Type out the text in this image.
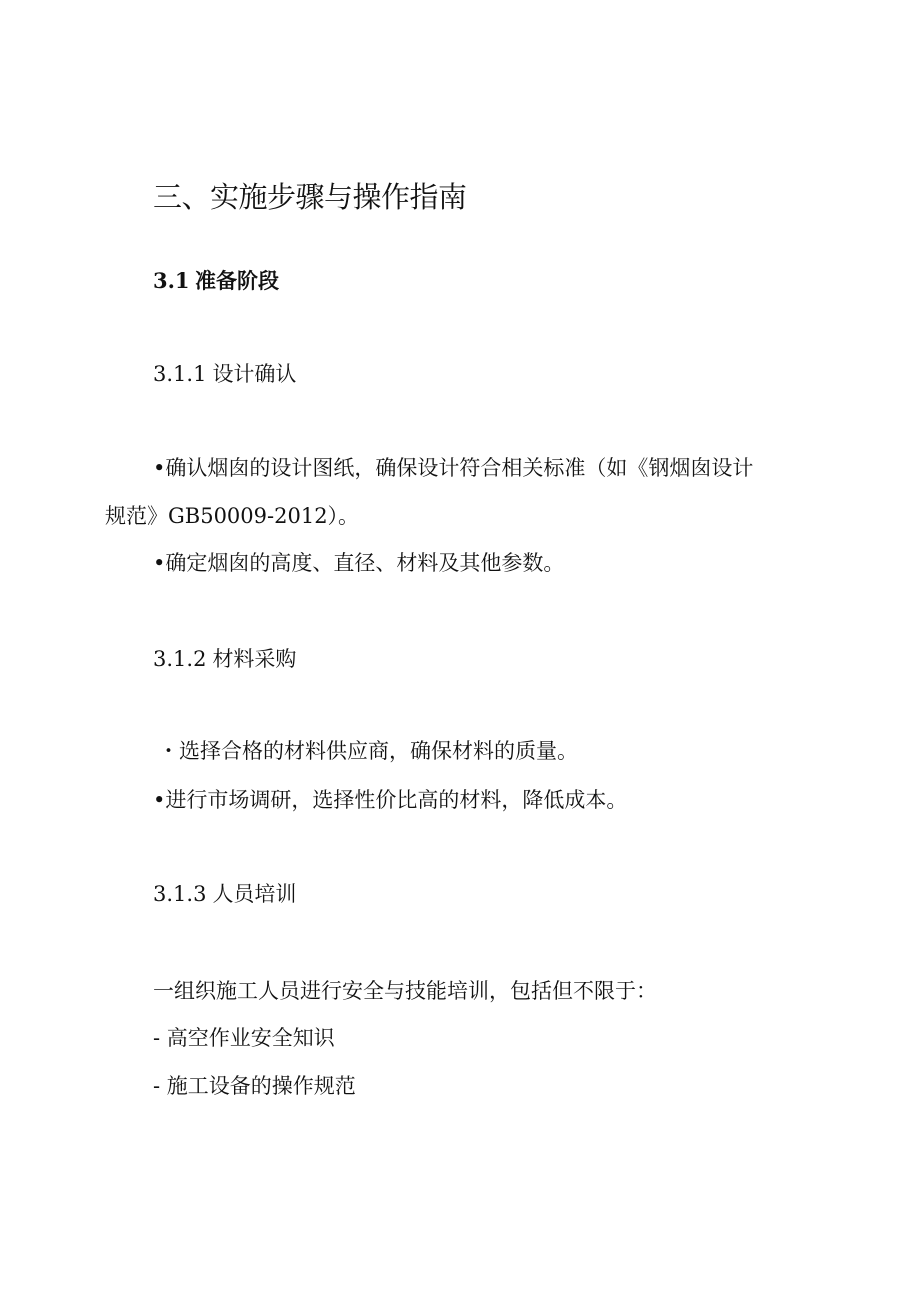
三、实施步骤与操作指南
3.1 准备阶段
3.1.1 设计确认
•确认烟囱的设计图纸，确保设计符合相关标准（如《钢烟囱设计
规范》GB50009-2012）。
•确定烟囱的高度、直径、材料及其他参数。
3.1.2 材料采购
・选择合格的材料供应商，确保材料的质量。
•进行市场调研，选择性价比高的材料，降低成本。
3.1.3 人员培训
一组织施工人员进行安全与技能培训，包括但不限于：
- 高空作业安全知识
- 施工设备的操作规范
